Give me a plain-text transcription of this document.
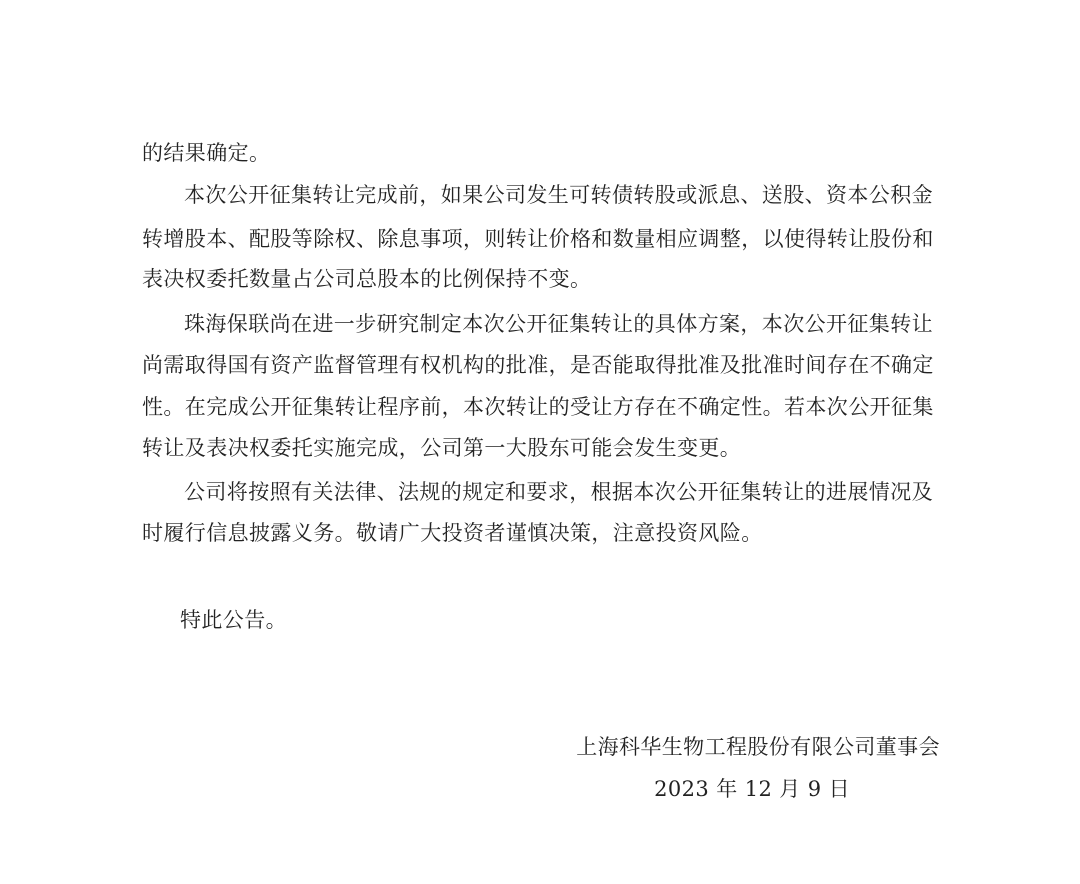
的结果确定。
本次公开征集转让完成前，如果公司发生可转债转股或派息、送股、资本公积金
转增股本、配股等除权、除息事项，则转让价格和数量相应调整，以使得转让股份和
表决权委托数量占公司总股本的比例保持不变。
珠海保联尚在进一步研究制定本次公开征集转让的具体方案，本次公开征集转让
尚需取得国有资产监督管理有权机构的批准，是否能取得批准及批准时间存在不确定
性。在完成公开征集转让程序前，本次转让的受让方存在不确定性。若本次公开征集
转让及表决权委托实施完成，公司第一大股东可能会发生变更。
公司将按照有关法律、法规的规定和要求，根据本次公开征集转让的进展情况及
时履行信息披露义务。敬请广大投资者谨慎决策，注意投资风险。
特此公告。
上海科华生物工程股份有限公司董事会
2023 年 12 月 9 日
